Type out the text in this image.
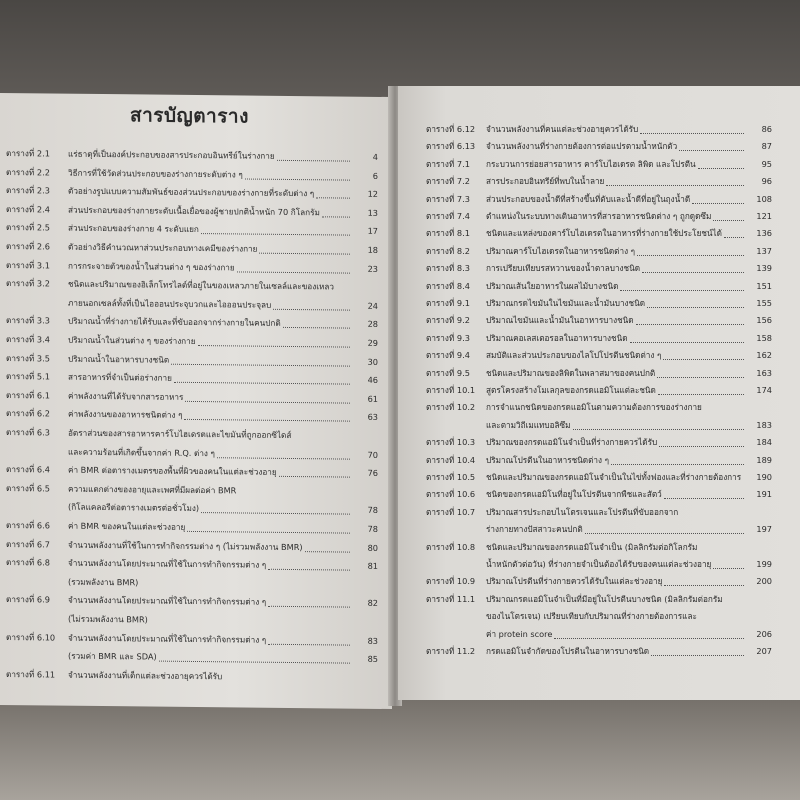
สารบัญตาราง
ตารางที่ 2.1 แร่ธาตุที่เป็นองค์ประกอบของสารประกอบอินทรีย์ในร่างกาย	4
ตารางที่ 2.2 วิธีการที่ใช้วัดส่วนประกอบของร่างกายระดับต่าง ๆ	6
ตารางที่ 2.3 ตัวอย่างรูปแบบความสัมพันธ์ของส่วนประกอบของร่างกายที่ระดับต่าง ๆ	12
ตารางที่ 2.4 ส่วนประกอบของร่างกายระดับเนื้อเยื่อของผู้ชายปกติน้ำหนัก 70 กิโลกรัม	13
ตารางที่ 2.5 ส่วนประกอบของร่างกาย 4 ระดับแยก	17
ตารางที่ 2.6 ตัวอย่างวิธีคำนวณหาส่วนประกอบทางเคมีของร่างกาย	18
ตารางที่ 3.1 การกระจายตัวของน้ำในส่วนต่าง ๆ ของร่างกาย	23
ตารางที่ 3.2 ชนิดและปริมาณของอิเล็กโทรไลต์ที่อยู่ในของเหลวภายในเซลล์และของเหลว
ภายนอกเซลล์ทั้งที่เป็นไอออนประจุบวกและไอออนประจุลบ	24
ตารางที่ 3.3 ปริมาณน้ำที่ร่างกายได้รับและที่ขับออกจากร่างกายในคนปกติ	28
ตารางที่ 3.4 ปริมาณน้ำในส่วนต่าง ๆ ของร่างกาย	29
ตารางที่ 3.5 ปริมาณน้ำในอาหารบางชนิด	30
ตารางที่ 5.1 สารอาหารที่จำเป็นต่อร่างกาย	46
ตารางที่ 6.1 ค่าพลังงานที่ได้รับจากสารอาหาร	61
ตารางที่ 6.2 ค่าพลังงานของอาหารชนิดต่าง ๆ	63
ตารางที่ 6.3 อัตราส่วนของสารอาหารคาร์โบไฮเดรตและไขมันที่ถูกออกซิไดส์
และความร้อนที่เกิดขึ้นจากค่า R.Q. ต่าง ๆ	70
ตารางที่ 6.4 ค่า BMR ต่อตารางเมตรของพื้นที่ผิวของคนในแต่ละช่วงอายุ	76
ตารางที่ 6.5 ความแตกต่างของอายุและเพศที่มีผลต่อค่า BMR
(กิโลแคลอรีต่อตารางเมตรต่อชั่วโมง)	78
ตารางที่ 6.6 ค่า BMR ของคนในแต่ละช่วงอายุ	78
ตารางที่ 6.7 จำนวนพลังงานที่ใช้ในการทำกิจกรรมต่าง ๆ (ไม่รวมพลังงาน BMR)	80
ตารางที่ 6.8 จำนวนพลังงานโดยประมาณที่ใช้ในการทำกิจกรรมต่าง ๆ	81
(รวมพลังงาน BMR)
ตารางที่ 6.9 จำนวนพลังงานโดยประมาณที่ใช้ในการทำกิจกรรมต่าง ๆ	82
(ไม่รวมพลังงาน BMR)
ตารางที่ 6.10 จำนวนพลังงานโดยประมาณที่ใช้ในการทำกิจกรรมต่าง ๆ	83
(รวมค่า BMR และ SDA)	85
ตารางที่ 6.11 จำนวนพลังงานที่เด็กแต่ละช่วงอายุควรได้รับ
ตารางที่ 6.12 จำนวนพลังงานที่คนแต่ละช่วงอายุควรได้รับ	86
ตารางที่ 6.13 จำนวนพลังงานที่ร่างกายต้องการต่อแปรตามน้ำหนักตัว	87
ตารางที่ 7.1 กระบวนการย่อยสารอาหาร คาร์โบไฮเดรต ลิพิด และโปรตีน	95
ตารางที่ 7.2 สารประกอบอินทรีย์ที่พบในน้ำลาย	96
ตารางที่ 7.3 ส่วนประกอบของน้ำดีที่สร้างขึ้นที่ตับและน้ำดีที่อยู่ในถุงน้ำดี	108
ตารางที่ 7.4 ตำแหน่งในระบบทางเดินอาหารที่สารอาหารชนิดต่าง ๆ ถูกดูดซึม	121
ตารางที่ 8.1 ชนิดและแหล่งของคาร์โบไฮเดรตในอาหารที่ร่างกายใช้ประโยชน์ได้	136
ตารางที่ 8.2 ปริมาณคาร์โบไฮเดรตในอาหารชนิดต่าง ๆ	137
ตารางที่ 8.3 การเปรียบเทียบรสหวานของน้ำตาลบางชนิด	139
ตารางที่ 8.4 ปริมาณเส้นใยอาหารในผลไม้บางชนิด	151
ตารางที่ 9.1 ปริมาณกรดไขมันในไขมันและน้ำมันบางชนิด	155
ตารางที่ 9.2 ปริมาณไขมันและน้ำมันในอาหารบางชนิด	156
ตารางที่ 9.3 ปริมาณคอเลสเตอรอลในอาหารบางชนิด	158
ตารางที่ 9.4 สมบัติและส่วนประกอบของไลโปโปรตีนชนิดต่าง ๆ	162
ตารางที่ 9.5 ชนิดและปริมาณของลิพิดในพลาสมาของคนปกติ	163
ตารางที่ 10.1 สูตรโครงสร้างโมเลกุลของกรดแอมิโนแต่ละชนิด	174
ตารางที่ 10.2 การจำแนกชนิดของกรดแอมิโนตามความต้องการของร่างกาย
และตามวิถีเมแทบอลิซึม	183
ตารางที่ 10.3 ปริมาณของกรดแอมิโนจำเป็นที่ร่างกายควรได้รับ	184
ตารางที่ 10.4 ปริมาณโปรตีนในอาหารชนิดต่าง ๆ	189
ตารางที่ 10.5 ชนิดและปริมาณของกรดแอมิโนจำเป็นในไข่ทั้งฟองและที่ร่างกายต้องการ	190
ตารางที่ 10.6 ชนิดของกรดแอมิโนที่อยู่ในโปรตีนจากพืชและสัตว์	191
ตารางที่ 10.7 ปริมาณสารประกอบไนโตรเจนและโปรตีนที่ขับออกจาก
ร่างกายทางปัสสาวะคนปกติ	197
ตารางที่ 10.8 ชนิดและปริมาณของกรดแอมิโนจำเป็น (มิลลิกรัมต่อกิโลกรัม
น้ำหนักตัวต่อวัน) ที่ร่างกายจำเป็นต้องได้รับของคนแต่ละช่วงอายุ	199
ตารางที่ 10.9 ปริมาณโปรตีนที่ร่างกายควรได้รับในแต่ละช่วงอายุ	200
ตารางที่ 11.1 ปริมาณกรดแอมิโนจำเป็นที่มีอยู่ในโปรตีนบางชนิด (มิลลิกรัมต่อกรัม
ของไนโตรเจน) เปรียบเทียบกับปริมาณที่ร่างกายต้องการและ
ค่า protein score	206
ตารางที่ 11.2 กรดแอมิโนจำกัดของโปรตีนในอาหารบางชนิด	207
